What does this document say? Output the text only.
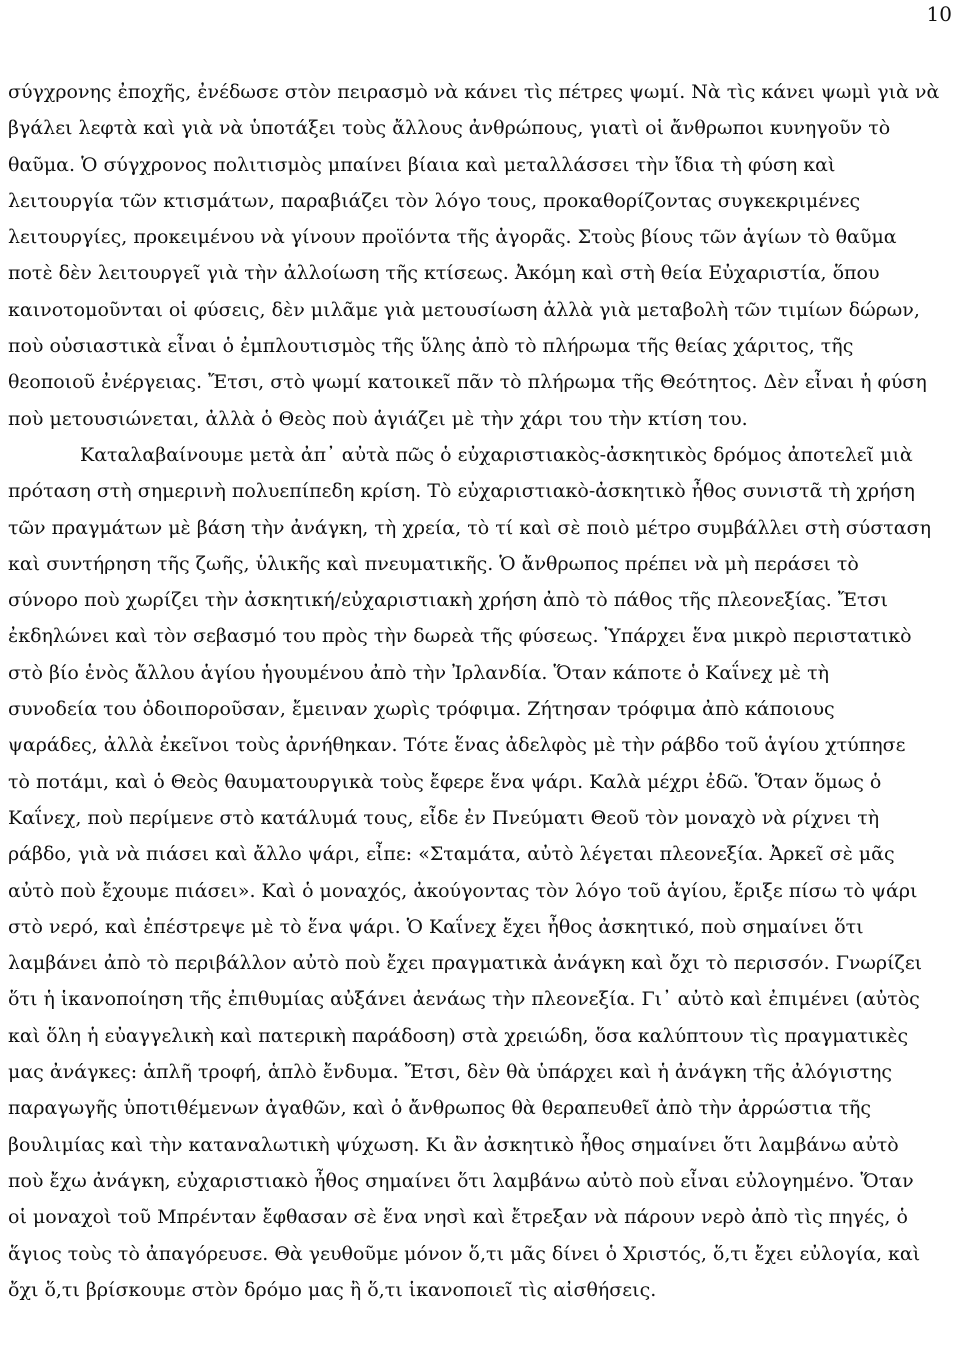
10
σύγχρονης ἐποχῆς, ἐνέδωσε στὸν πειρασμὸ νὰ κάνει τὶς πέτρες ψωμί. Νὰ τὶς κάνει ψωμὶ γιὰ νὰ
βγάλει λεφτὰ καὶ γιὰ νὰ ὑποτάξει τοὺς ἄλλους ἀνθρώπους, γιατὶ οἱ ἄνθρωποι κυνηγοῦν τὸ
θαῦμα. Ὁ σύγχρονος πολιτισμὸς μπαίνει βίαια καὶ μεταλλάσσει τὴν ἴδια τὴ φύση καὶ
λειτουργία τῶν κτισμάτων, παραβιάζει τὸν λόγο τους, προκαθορίζοντας συγκεκριμένες
λειτουργίες, προκειμένου νὰ γίνουν προϊόντα τῆς ἀγορᾶς. Στοὺς βίους τῶν ἁγίων τὸ θαῦμα
ποτὲ δὲν λειτουργεῖ γιὰ τὴν ἀλλοίωση τῆς κτίσεως. Ἀκόμη καὶ στὴ θεία Εὐχαριστία, ὅπου
καινοτομοῦνται οἱ φύσεις, δὲν μιλᾶμε γιὰ μετουσίωση ἀλλὰ γιὰ μεταβολὴ τῶν τιμίων δώρων,
ποὺ οὐσιαστικὰ εἶναι ὁ ἐμπλουτισμὸς τῆς ὕλης ἀπὸ τὸ πλήρωμα τῆς θείας χάριτος, τῆς
θεοποιοῦ ἐνέργειας. Ἔτσι, στὸ ψωμί κατοικεῖ πᾶν τὸ πλήρωμα τῆς Θεότητος. Δὲν εἶναι ἡ φύση
ποὺ μετουσιώνεται, ἀλλὰ ὁ Θεὸς ποὺ ἁγιάζει μὲ τὴν χάρι του τὴν κτίση του.
Καταλαβαίνουμε μετὰ ἀπ᾽ αὐτὰ πῶς ὁ εὐχαριστιακὸς-ἀσκητικὸς δρόμος ἀποτελεῖ μιὰ
πρόταση στὴ σημερινὴ πολυεπίπεδη κρίση. Τὸ εὐχαριστιακὸ-ἀσκητικὸ ἦθος συνιστᾶ τὴ χρήση
τῶν πραγμάτων μὲ βάση τὴν ἀνάγκη, τὴ χρεία, τὸ τί καὶ σὲ ποιὸ μέτρο συμβάλλει στὴ σύσταση
καὶ συντήρηση τῆς ζωῆς, ὑλικῆς καὶ πνευματικῆς. Ὁ ἄνθρωπος πρέπει νὰ μὴ περάσει τὸ
σύνορο ποὺ χωρίζει τὴν ἀσκητική/εὐχαριστιακὴ χρήση ἀπὸ τὸ πάθος τῆς πλεονεξίας. Ἔτσι
ἐκδηλώνει καὶ τὸν σεβασμό του πρὸς τὴν δωρεὰ τῆς φύσεως. Ὑπάρχει ἕνα μικρὸ περιστατικὸ
στὸ βίο ἑνὸς ἄλλου ἁγίου ἡγουμένου ἀπὸ τὴν Ἰρλανδία. Ὅταν κάποτε ὁ Καΐνεχ μὲ τὴ
συνοδεία του ὁδοιποροῦσαν, ἔμειναν χωρὶς τρόφιμα. Ζήτησαν τρόφιμα ἀπὸ κάποιους
ψαράδες, ἀλλὰ ἐκεῖνοι τοὺς ἀρνήθηκαν. Τότε ἕνας ἀδελφὸς μὲ τὴν ράβδο τοῦ ἁγίου χτύπησε
τὸ ποτάμι, καὶ ὁ Θεὸς θαυματουργικὰ τοὺς ἔφερε ἕνα ψάρι. Καλὰ μέχρι ἐδῶ. Ὅταν ὅμως ὁ
Καΐνεχ, ποὺ περίμενε στὸ κατάλυμά τους, εἶδε ἐν Πνεύματι Θεοῦ τὸν μοναχὸ νὰ ρίχνει τὴ
ράβδο, γιὰ νὰ πιάσει καὶ ἄλλο ψάρι, εἶπε: «Σταμάτα, αὐτὸ λέγεται πλεονεξία. Ἀρκεῖ σὲ μᾶς
αὐτὸ ποὺ ἔχουμε πιάσει». Καὶ ὁ μοναχός, ἀκούγοντας τὸν λόγο τοῦ ἁγίου, ἔριξε πίσω τὸ ψάρι
στὸ νερό, καὶ ἐπέστρεψε μὲ τὸ ἕνα ψάρι. Ὁ Καΐνεχ ἔχει ἦθος ἀσκητικό, ποὺ σημαίνει ὅτι
λαμβάνει ἀπὸ τὸ περιβάλλον αὐτὸ ποὺ ἔχει πραγματικὰ ἀνάγκη καὶ ὄχι τὸ περισσόν. Γνωρίζει
ὅτι ἡ ἱκανοποίηση τῆς ἐπιθυμίας αὐξάνει ἀενάως τὴν πλεονεξία. Γι᾽ αὐτὸ καὶ ἐπιμένει (αὐτὸς
καὶ ὅλη ἡ εὐαγγελικὴ καὶ πατερικὴ παράδοση) στὰ χρειώδη, ὅσα καλύπτουν τὶς πραγματικὲς
μας ἀνάγκες: ἁπλῆ τροφή, ἁπλὸ ἔνδυμα. Ἔτσι, δὲν θὰ ὑπάρχει καὶ ἡ ἀνάγκη τῆς ἀλόγιστης
παραγωγῆς ὑποτιθέμενων ἀγαθῶν, καὶ ὁ ἄνθρωπος θὰ θεραπευθεῖ ἀπὸ τὴν ἀρρώστια τῆς
βουλιμίας καὶ τὴν καταναλωτικὴ ψύχωση. Κι ἂν ἀσκητικὸ ἦθος σημαίνει ὅτι λαμβάνω αὐτὸ
ποὺ ἔχω ἀνάγκη, εὐχαριστιακὸ ἦθος σημαίνει ὅτι λαμβάνω αὐτὸ ποὺ εἶναι εὐλογημένο. Ὅταν
οἱ μοναχοὶ τοῦ Μπρένταν ἔφθασαν σὲ ἕνα νησὶ καὶ ἔτρεξαν νὰ πάρουν νερὸ ἀπὸ τὶς πηγές, ὁ
ἅγιος τοὺς τὸ ἀπαγόρευσε. Θὰ γευθοῦμε μόνον ὅ,τι μᾶς δίνει ὁ Χριστός, ὅ,τι ἔχει εὐλογία, καὶ
ὄχι ὅ,τι βρίσκουμε στὸν δρόμο μας ἢ ὅ,τι ἱκανοποιεῖ τὶς αἰσθήσεις.
